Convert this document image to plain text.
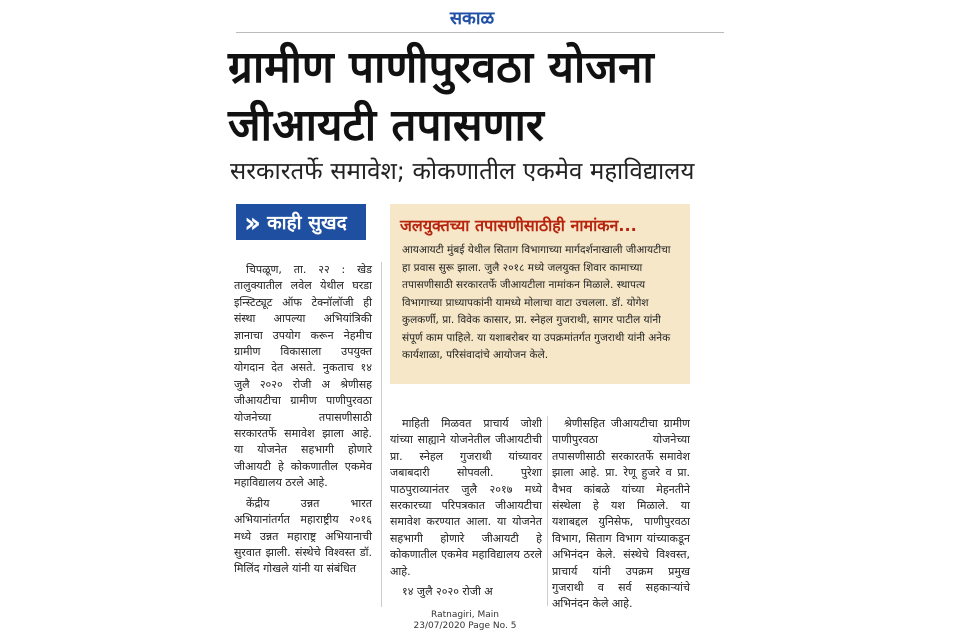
सकाळ
ग्रामीण पाणीपुरवठा योजना
जीआयटी तपासणार
सरकारतर्फे समावेश; कोकणातील एकमेव महाविद्यालय
›› काही सुखद	जलयुक्तच्या तपासणीसाठीही नामांकन...
आयआयटी मुंबई येथील सिताग विभागाच्या मार्गदर्शनाखाली जीआयटीचा हा प्रवास सुरू झाला. जुलै २०१८ मध्ये जलयुक्त शिवार कामाच्या तपासणीसाठी सरकारतर्फे जीआयटीला नामांकन मिळाले. स्थापत्य विभागाच्या प्राध्यापकांनी यामध्ये मोलाचा वाटा उचलला. डॉ. योगेश कुलकर्णी, प्रा. विवेक कासार, प्रा. स्नेहल गुजराथी, सागर पाटील यांनी संपूर्ण काम पाहिले. या यशाबरोबर या उपक्रमांतर्गत गुजराथी यांनी अनेक कार्यशाळा, परिसंवादांचे आयोजन केले.

चिपळूण, ता. २२ : खेड तालुक्यातील लवेल येथील घरडा इन्स्टिट्यूट ऑफ टेक्नॉलॉजी ही संस्था आपल्या अभियांत्रिकी ज्ञानाचा उपयोग करून नेहमीच ग्रामीण विकासाला उपयुक्त योगदान देत असते. नुकताच १४ जुलै २०२० रोजी अ श्रेणीसह जीआयटीचा ग्रामीण पाणीपुरवठा योजनेच्या तपासणीसाठी सरकारतर्फे समावेश झाला आहे. या योजनेत सहभागी होणारे जीआयटी हे कोकणातील एकमेव महाविद्यालय ठरले आहे.

केंद्रीय उन्नत भारत अभियानांतर्गत महाराष्ट्रीय २०१६ मध्ये उन्नत महाराष्ट्र अभियानाची सुरवात झाली. संस्थेचे विश्वस्त डॉ. मिलिंद गोखले यांनी या संबंधित

माहिती मिळवत प्राचार्य जोशी यांच्या साह्याने योजनेतील जीआयटीची प्रा. स्नेहल गुजराथी यांच्यावर जबाबदारी सोपवली. पुरेशा पाठपुराव्यानंतर जुलै २०१७ मध्ये सरकारच्या परिपत्रकात जीआयटीचा समावेश करण्यात आला. या योजनेत सहभागी होणारे जीआयटी हे कोकणातील एकमेव महाविद्यालय ठरले आहे.

१४ जुलै २०२० रोजी अ

श्रेणीसहित जीआयटीचा ग्रामीण पाणीपुरवठा योजनेच्या तपासणीसाठी सरकारतर्फे समावेश झाला आहे. प्रा. रेणू हुजरे व प्रा. वैभव कांबळे यांच्या मेहनतीने संस्थेला हे यश मिळाले. या यशाबद्दल युनिसेफ, पाणीपुरवठा विभाग, सिताग विभाग यांच्याकडून अभिनंदन केले. संस्थेचे विश्वस्त, प्राचार्य यांनी उपक्रम प्रमुख गुजराथी व सर्व सहकाऱ्यांचे अभिनंदन केले आहे.

Ratnagiri, Main
23/07/2020 Page No. 5
